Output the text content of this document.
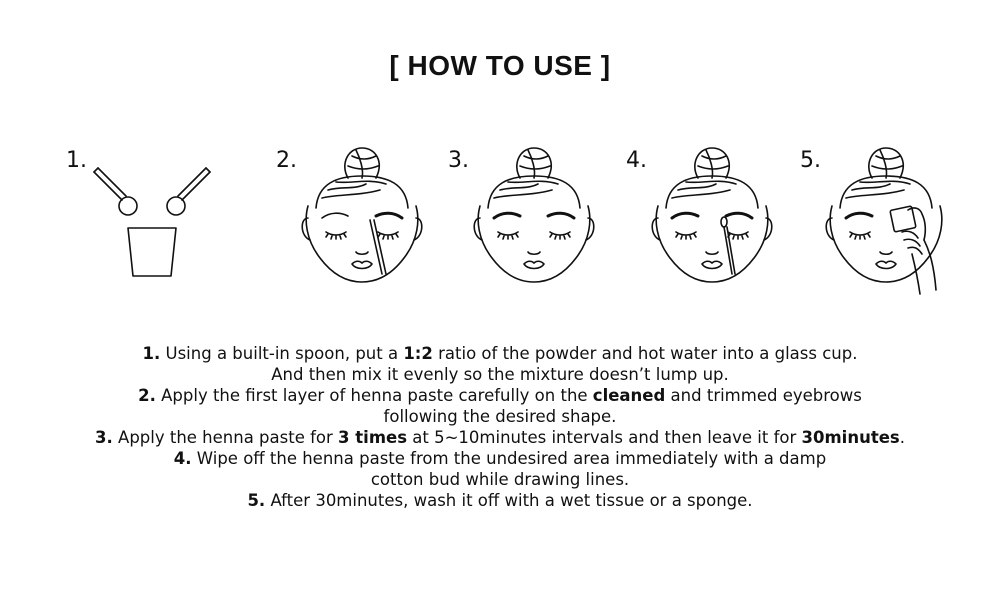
[ HOW TO USE ]
1.	2.	3.	4.	5.
1. Using a built-in spoon, put a 1:2 ratio of the powder and hot water into a glass cup.
And then mix it evenly so the mixture doesn’t lump up.
2. Apply the first layer of henna paste carefully on the cleaned and trimmed eyebrows
following the desired shape.
3. Apply the henna paste for 3 times at 5~10minutes intervals and then leave it for 30minutes.
4. Wipe off the henna paste from the undesired area immediately with a damp
cotton bud while drawing lines.
5. After 30minutes, wash it off with a wet tissue or a sponge.
